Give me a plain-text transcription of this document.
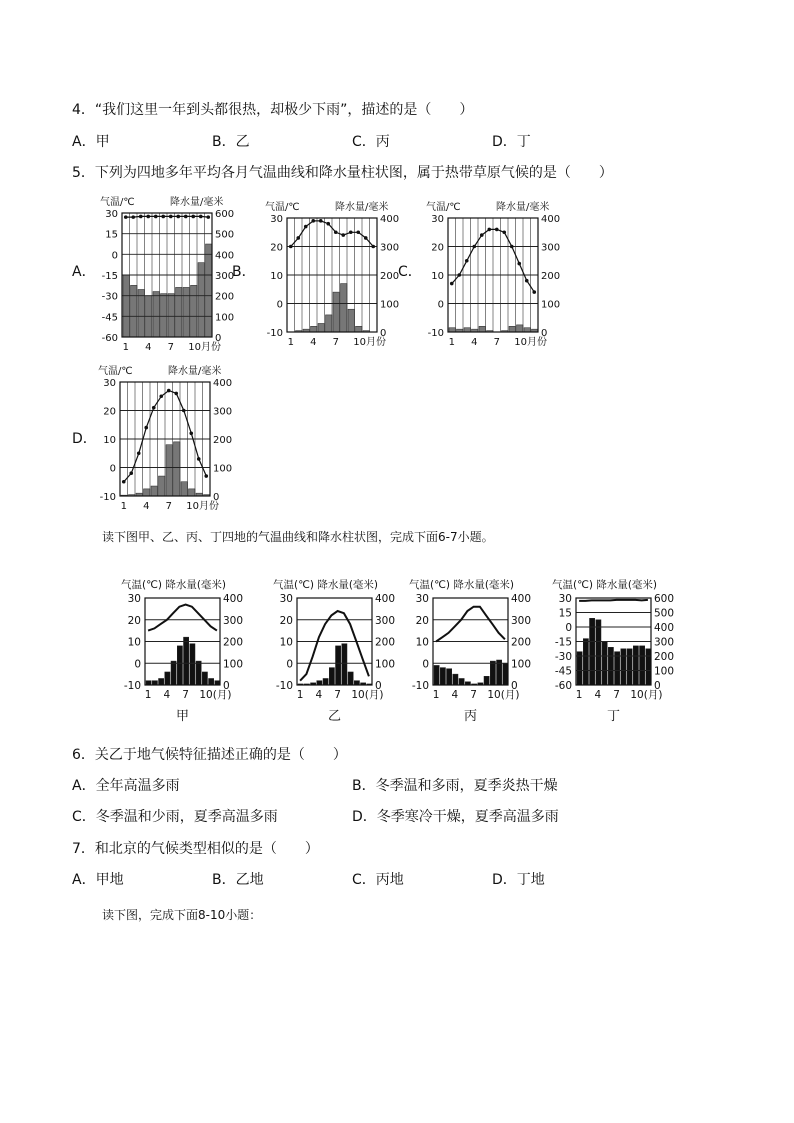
4．“我们这里一年到头都很热，却极少下雨”，描述的是（　　）
A．甲	B．乙	C．丙	D．丁
5．下列为四地多年平均各月气温曲线和降水量柱状图，属于热带草原气候的是（　　）
A．	B．	C．
D．
气温/℃	降水量/毫米
30	600
15	500
0	400
-15	300
-30	200
-45	100
-60	0
1 4 7 10月份
气温/℃	降水量/毫米
30	400
20	300
10	200
0	100
-10	0
1 4 7 10月份
气温/℃	降水量/毫米
30	400
20	300
10	200
0	100
-10	0
1 4 7 10月份
气温/℃	降水量/毫米
30	400
20	300
10	200
0	100
-10	0
1 4 7 10月份
读下图甲、乙、丙、丁四地的气温曲线和降水柱状图，完成下面6-7小题。
气温(℃) 降水量(毫米)
30	400
20	300
10	200
0	100
-10	0
1 4 7 10(月)
甲
气温(℃) 降水量(毫米)
30	400
20	300
10	200
0	100
-10	0
1 4 7 10(月)
乙
气温(℃) 降水量(毫米)
30	400
20	300
10	200
0	100
-10	0
1 4 7 10(月)
丙
气温(℃) 降水量(毫米)
30	600
15	500
0	400
-15	300
-30	200
-45	100
-60	0
1 4 7 10(月)
丁
6．关乙于地气候特征描述正确的是（　　）
A．全年高温多雨	B．冬季温和多雨，夏季炎热干燥
C．冬季温和少雨，夏季高温多雨	D．冬季寒冷干燥，夏季高温多雨
7．和北京的气候类型相似的是（　　）
A．甲地	B．乙地	C．丙地	D．丁地
读下图，完成下面8-10小题：
